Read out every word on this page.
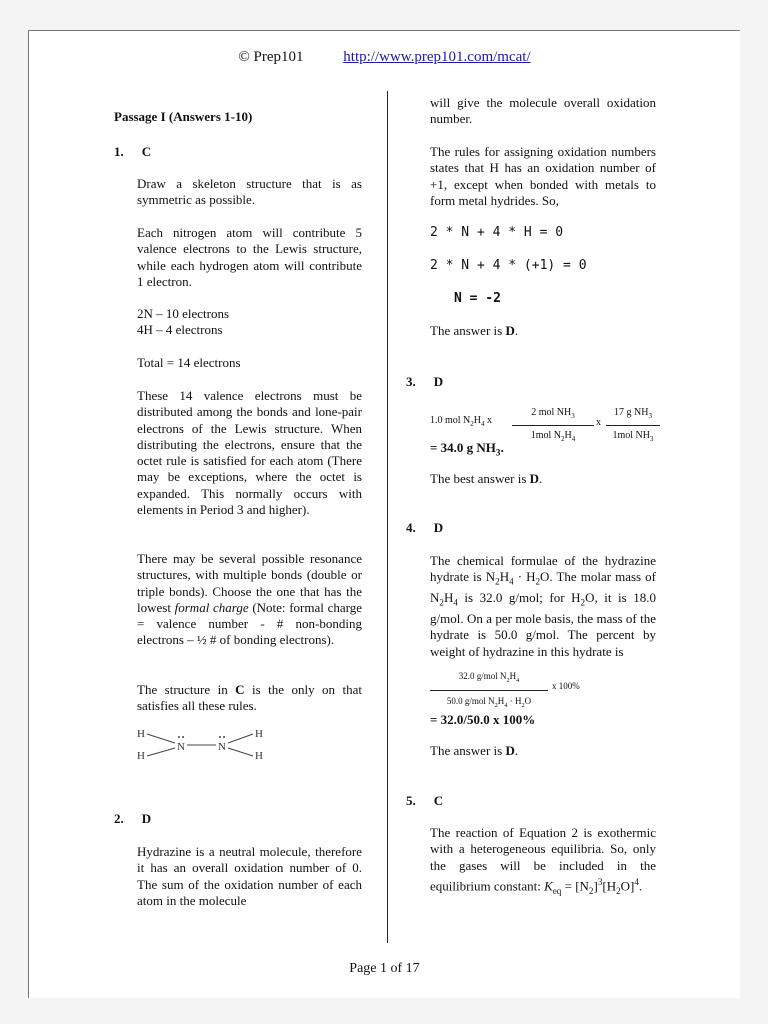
© Prep101	http://www.prep101.com/mcat/
Passage I (Answers 1-10)
1. C
Draw a skeleton structure that is as symmetric as possible.
Each nitrogen atom will contribute 5 valence electrons to the Lewis structure, while each hydrogen atom will contribute 1 electron.
2N – 10 electrons
4H – 4 electrons
Total = 14 electrons
These 14 valence electrons must be distributed among the bonds and lone-pair electrons of the Lewis structure. When distributing the electrons, ensure that the octet rule is satisfied for each atom (There may be exceptions, where the octet is expanded. This normally occurs with elements in Period 3 and higher).
There may be several possible resonance structures, with multiple bonds (double or triple bonds). Choose the one that has the lowest formal charge (Note: formal charge = valence number - # non-bonding electrons – ½ # of bonding electrons).
The structure in C is the only on that satisfies all these rules.
H
H
N	N
H
H
2. D
Hydrazine is a neutral molecule, therefore it has an overall oxidation number of 0. The sum of the oxidation number of each atom in the molecule
will give the molecule overall oxidation number.
The rules for assigning oxidation numbers states that H has an oxidation number of +1, except when bonded with metals to form metal hydrides. So,
2 * N + 4 * H = 0
2 * N + 4 * (+1) = 0
N = -2
The answer is D.
3. D
1.0 mol $N_2H_4$ x
2 mol $NH_3$
1mol $N_2H_4$
x
17 g $NH_3$
1mol $NH_3$
= 34.0 g $NH_3$.
The best answer is D.
4. D
The chemical formulae of the hydrazine hydrate is $N_2H_4 \cdot H_2O$. The molar mass of $N_2H_4$ is 32.0 g/mol; for $H_2O$, it is 18.0 g/mol. On a per mole basis, the mass of the hydrate is 50.0 g/mol. The percent by weight of hydrazine in this hydrate is
32.0 g/mol $N_2H_4$
50.0 g/mol $N_2H_4 \cdot H_2O$
x 100%
= 32.0/50.0 x 100%
The answer is D.
5. C
The reaction of Equation 2 is exothermic with a heterogeneous equilibria. So, only the gases will be included in the equilibrium constant: $K_{eq} = [N_2]^3[H_2O]^4$.
Page 1 of 17
